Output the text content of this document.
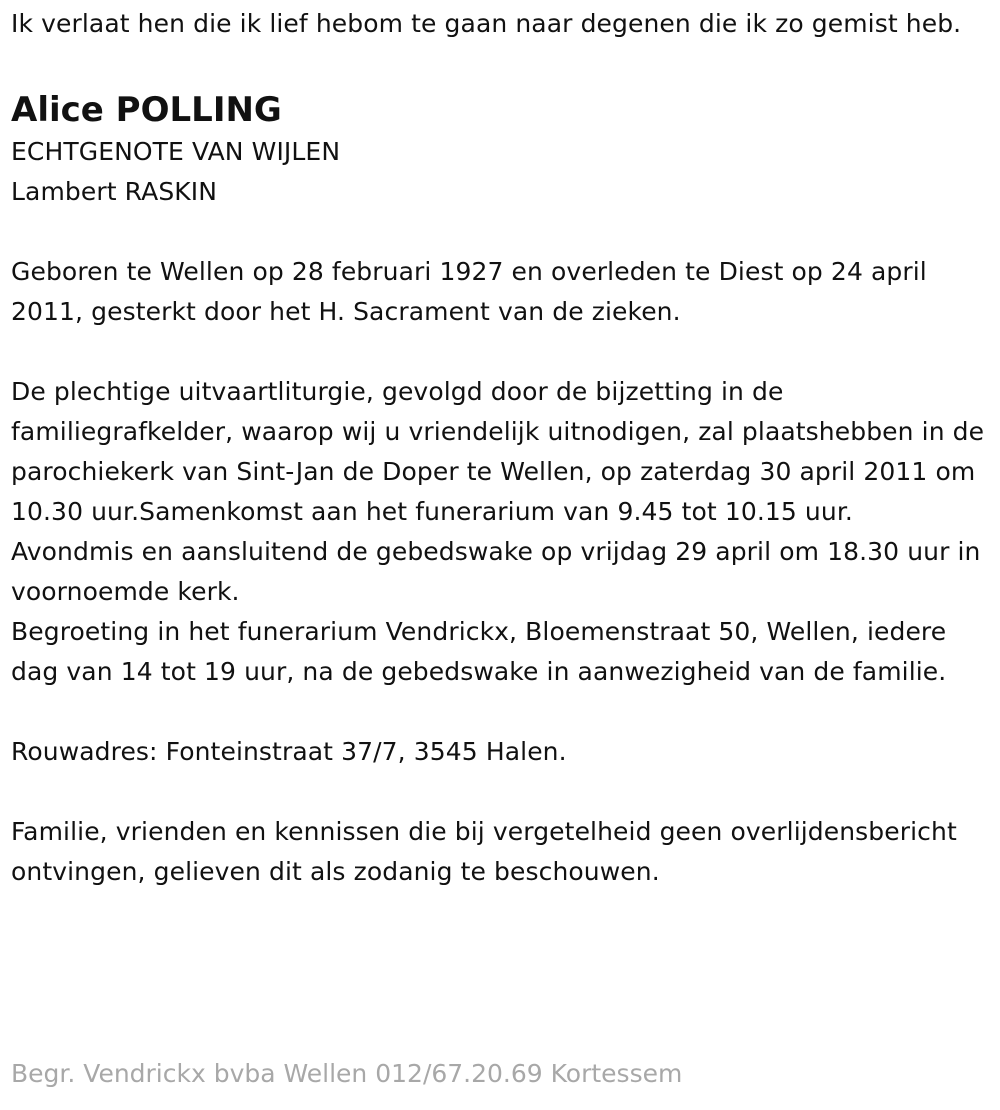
Ik verlaat hen die ik lief hebom te gaan naar degenen die ik zo gemist heb.

Alice POLLING

ECHTGENOTE VAN WIJLEN

Lambert RASKIN

Geboren te Wellen op 28 februari 1927 en overleden te Diest op 24 april 2011, gesterkt door het H. Sacrament van de zieken.

De plechtige uitvaartliturgie, gevolgd door de bijzetting in de familiegrafkelder, waarop wij u vriendelijk uitnodigen, zal plaatshebben in de parochiekerk van Sint-Jan de Doper te Wellen, op zaterdag 30 april 2011 om 10.30 uur.Samenkomst aan het funerarium van 9.45 tot 10.15 uur.

Avondmis en aansluitend de gebedswake op vrijdag 29 april om 18.30 uur in voornoemde kerk.

Begroeting in het funerarium Vendrickx, Bloemenstraat 50, Wellen, iedere dag van 14 tot 19 uur, na de gebedswake in aanwezigheid van de familie.

Rouwadres: Fonteinstraat 37/7, 3545 Halen.

Familie, vrienden en kennissen die bij vergetelheid geen overlijdensbericht ontvingen, gelieven dit als zodanig te beschouwen.

Begr. Vendrickx bvba Wellen 012/67.20.69 Kortessem
